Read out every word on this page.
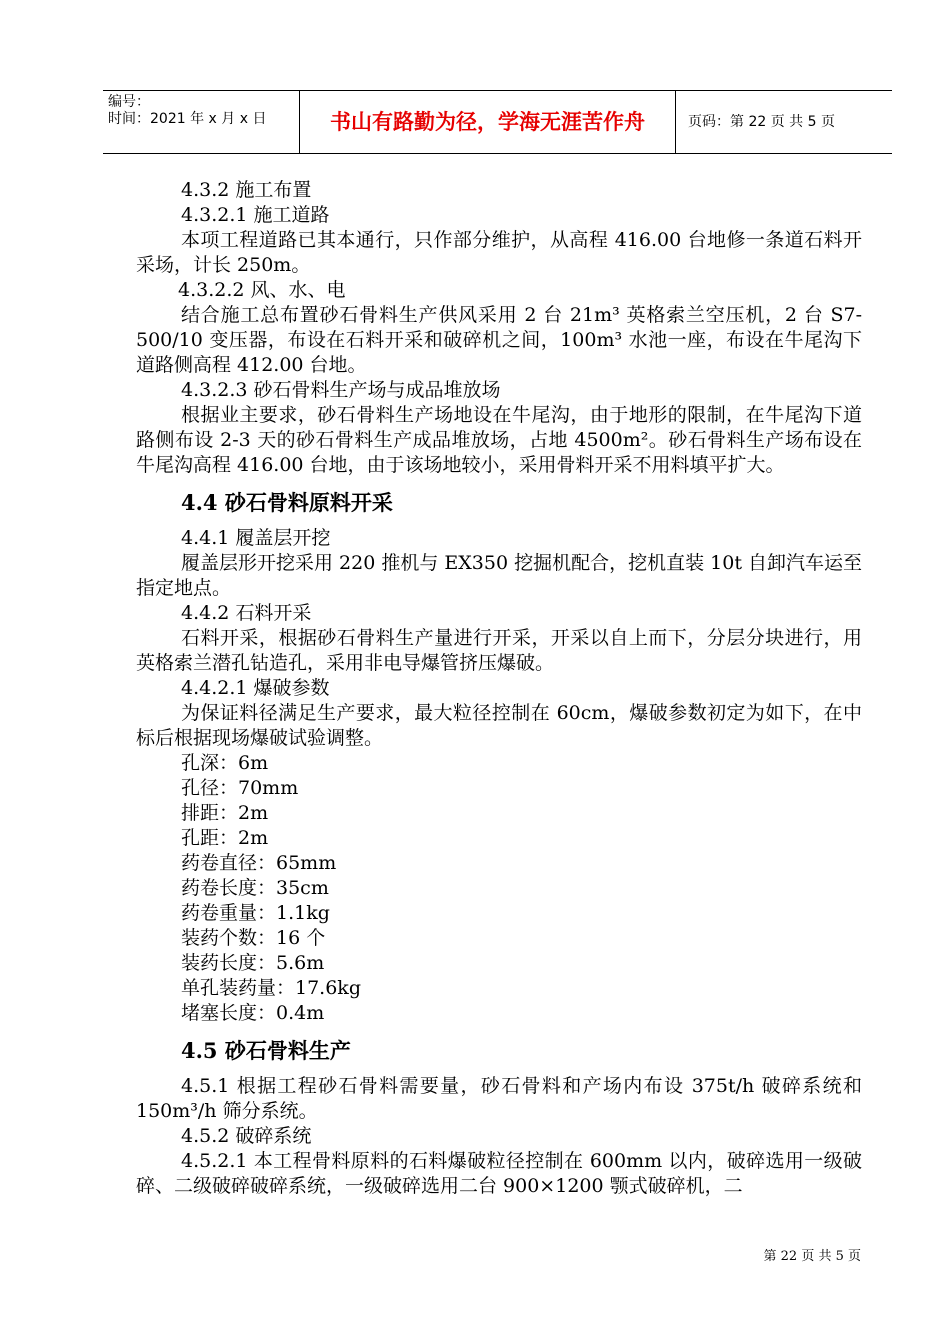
编号：
时间：2021 年 x 月 x 日	书山有路勤为径，学海无涯苦作舟	页码：第 22 页 共 5 页

4.3.2 施工布置

4.3.2.1 施工道路

本项工程道路已其本通行，只作部分维护，从高程 416.00 台地修一条道石料开采场，计长 250m。

4.3.2.2 风、水、电

结合施工总布置砂石骨料生产供风采用 2 台 21m³ 英格索兰空压机，2 台 S7-500/10 变压器，布设在石料开采和破碎机之间，100m³ 水池一座，布设在牛尾沟下道路侧高程 412.00 台地。

4.3.2.3 砂石骨料生产场与成品堆放场

根据业主要求，砂石骨料生产场地设在牛尾沟，由于地形的限制，在牛尾沟下道路侧布设 2-3 天的砂石骨料生产成品堆放场，占地 4500m²。砂石骨料生产场布设在牛尾沟高程 416.00 台地，由于该场地较小，采用骨料开采不用料填平扩大。

4.4 砂石骨料原料开采

4.4.1 履盖层开挖

履盖层形开挖采用 220 推机与 EX350 挖掘机配合，挖机直装 10t 自卸汽车运至指定地点。

4.4.2 石料开采

石料开采，根据砂石骨料生产量进行开采，开采以自上而下，分层分块进行，用英格索兰潜孔钻造孔，采用非电导爆管挤压爆破。

4.4.2.1 爆破参数

为保证料径满足生产要求，最大粒径控制在 60cm，爆破参数初定为如下，在中标后根据现场爆破试验调整。

孔深：6m

孔径：70mm

排距：2m

孔距：2m

药卷直径：65mm

药卷长度：35cm

药卷重量：1.1kg

装药个数：16 个

装药长度：5.6m

单孔装药量：17.6kg

堵塞长度：0.4m

4.5 砂石骨料生产

4.5.1 根据工程砂石骨料需要量，砂石骨料和产场内布设 375t/h 破碎系统和 150m³/h 筛分系统。

4.5.2 破碎系统

4.5.2.1 本工程骨料原料的石料爆破粒径控制在 600mm 以内，破碎选用一级破碎、二级破碎破碎系统，一级破碎选用二台 900×1200 颚式破碎机，二

第 22 页 共 5 页
